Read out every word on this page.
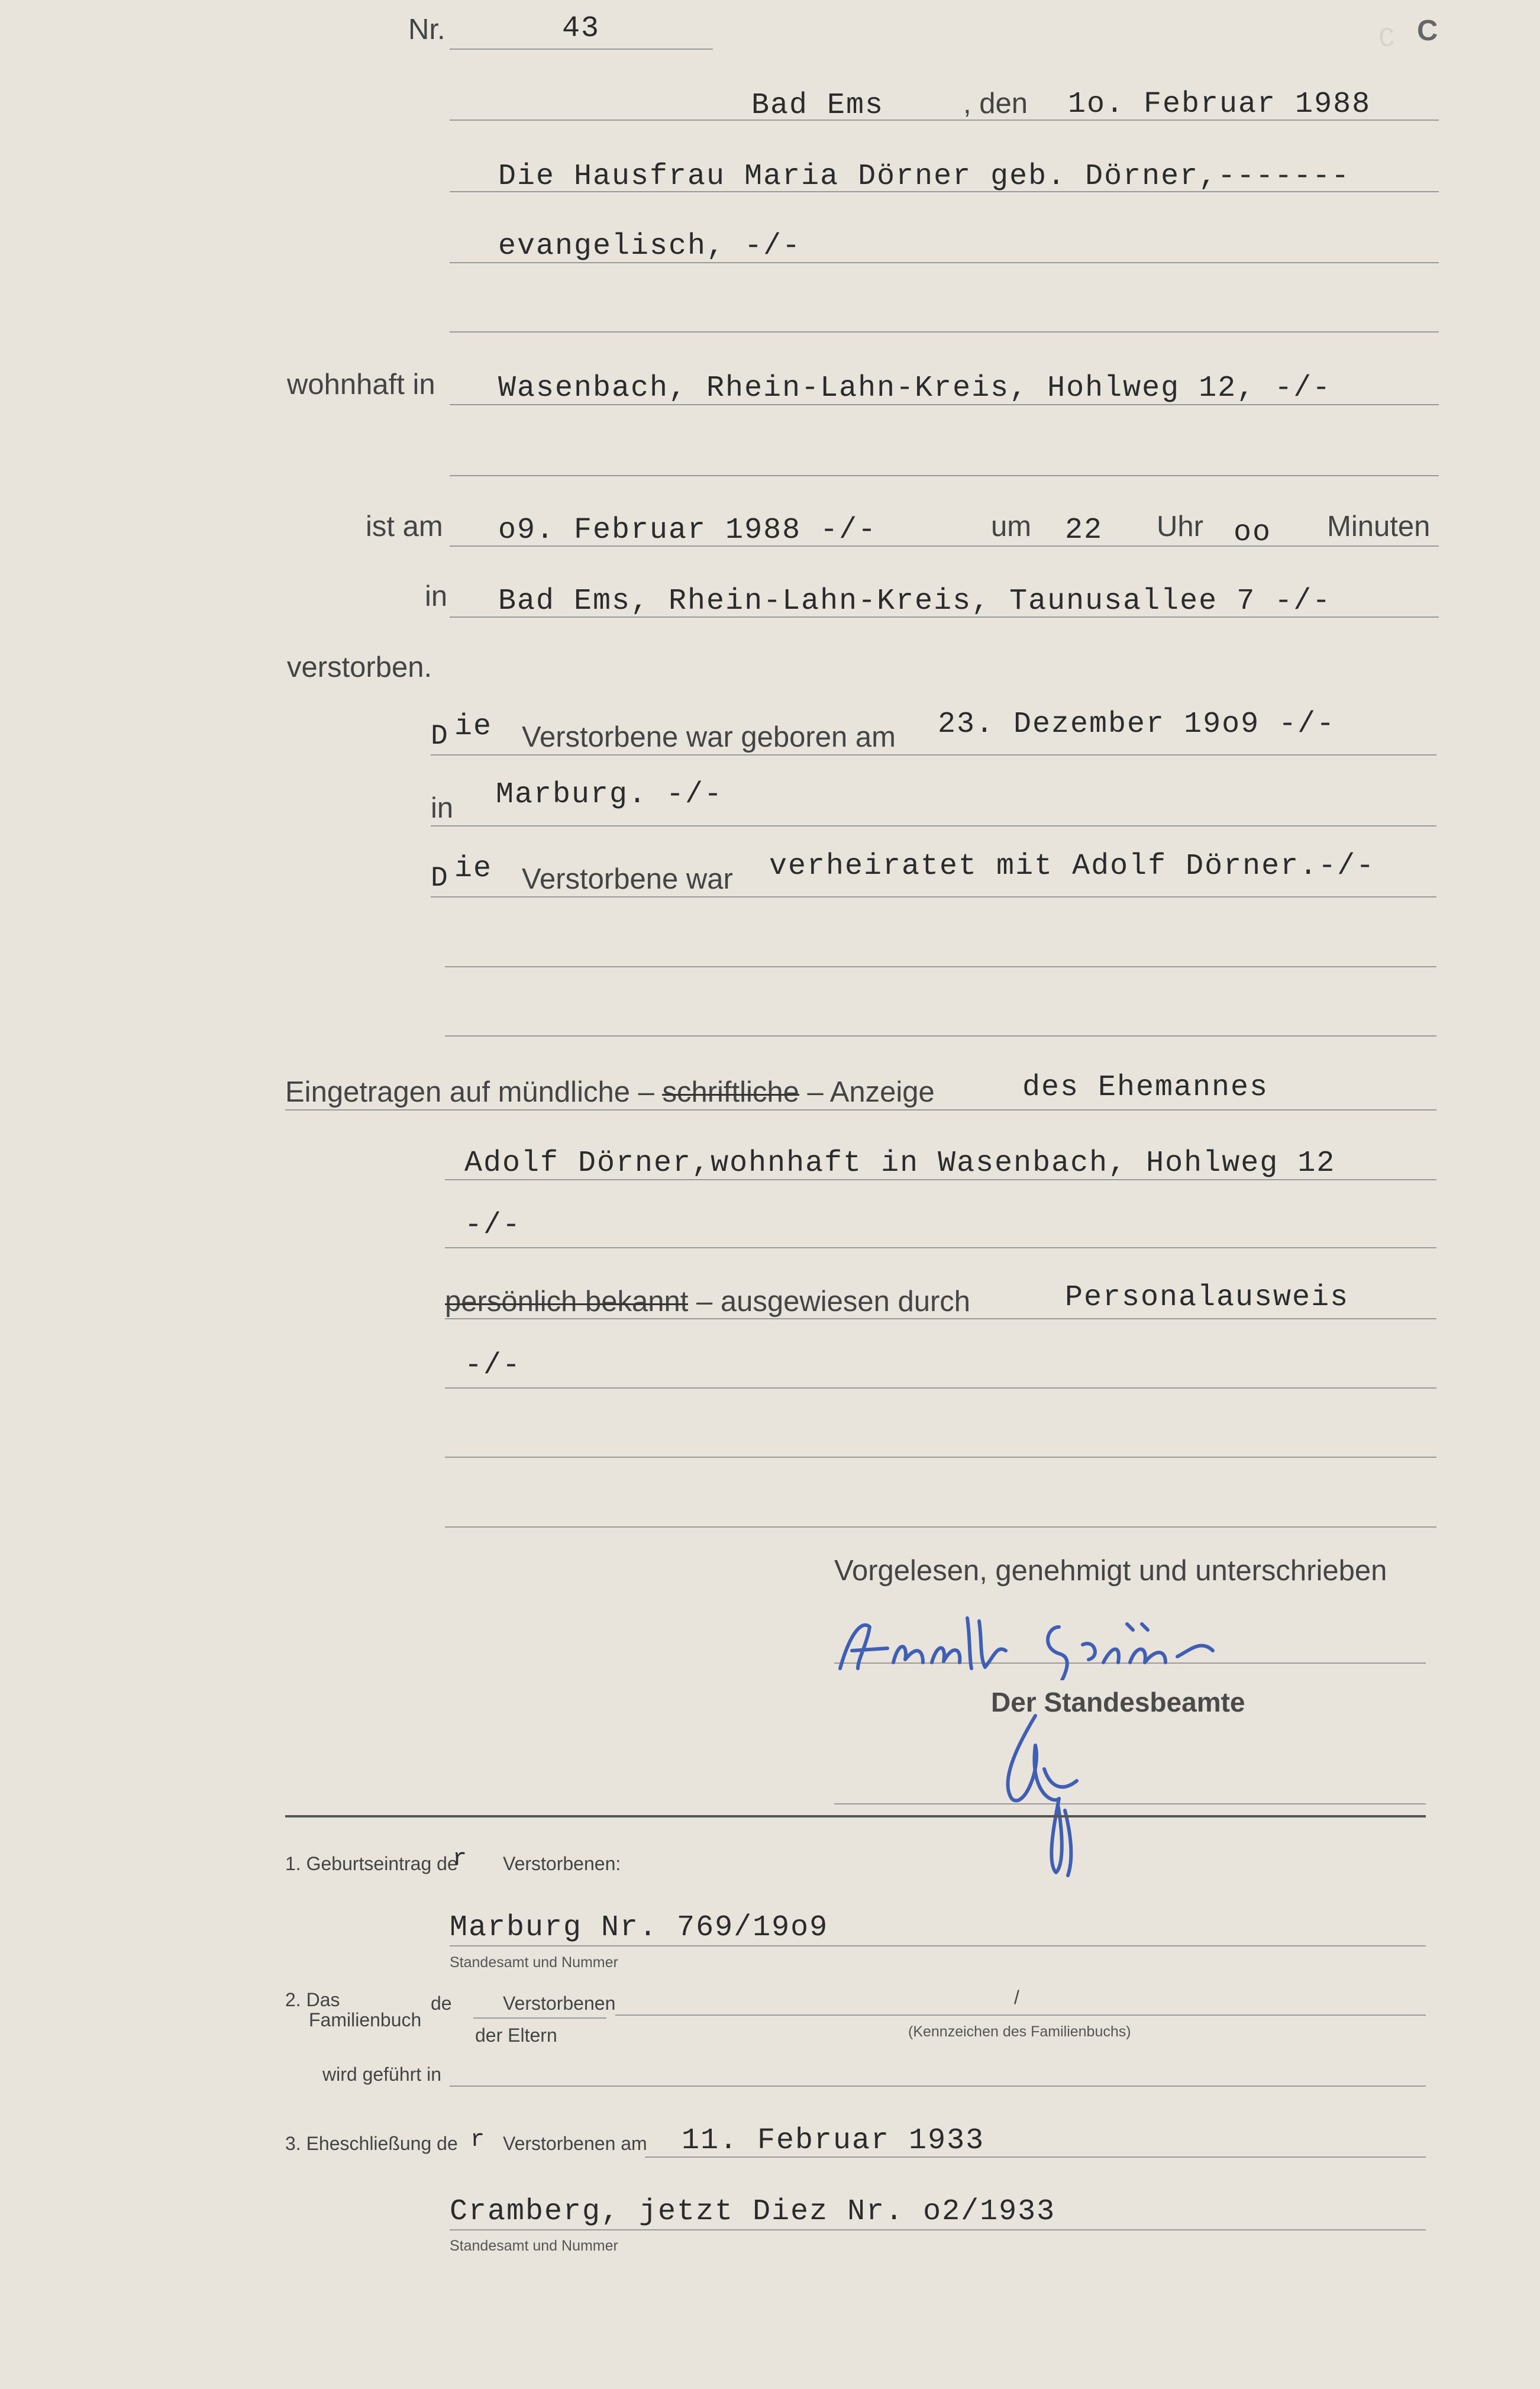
C
Nr.	43	C
Bad Ems	, den 1o. Februar 1988
Die Hausfrau Maria Dörner geb. Dörner,-------
evangelisch, -/-
wohnhaft in Wasenbach, Rhein-Lahn-Kreis, Hohlweg 12, -/-
ist am o9. Februar 1988 -/-	um 22 Uhr oo Minuten
in Bad Ems, Rhein-Lahn-Kreis, Taunusallee 7 -/-
verstorben.
D ie Verstorbene war geboren am 23. Dezember 19o9 -/-
in Marburg. -/-
D ie Verstorbene war verheiratet mit Adolf Dörner.-/-
Eingetragen auf mündliche – schriftliche – Anzeige	des Ehemannes
Adolf Dörner,wohnhaft in Wasenbach, Hohlweg 12
-/-
persönlich bekannt – ausgewiesen durch	Personalausweis
-/-
Vorgelesen, genehmigt und unterschrieben
Der Standesbeamte
1. Geburtseintrag de
r Verstorbenen:
Marburg Nr. 769/19o9
Standesamt und Nummer
2. Das
Familienbuch
de	Verstorbenen
der Eltern
/
(Kennzeichen des Familienbuchs)
wird geführt in
3. Eheschließung de r Verstorbenen am 11. Februar 1933
Cramberg, jetzt Diez Nr. o2/1933
Standesamt und Nummer
